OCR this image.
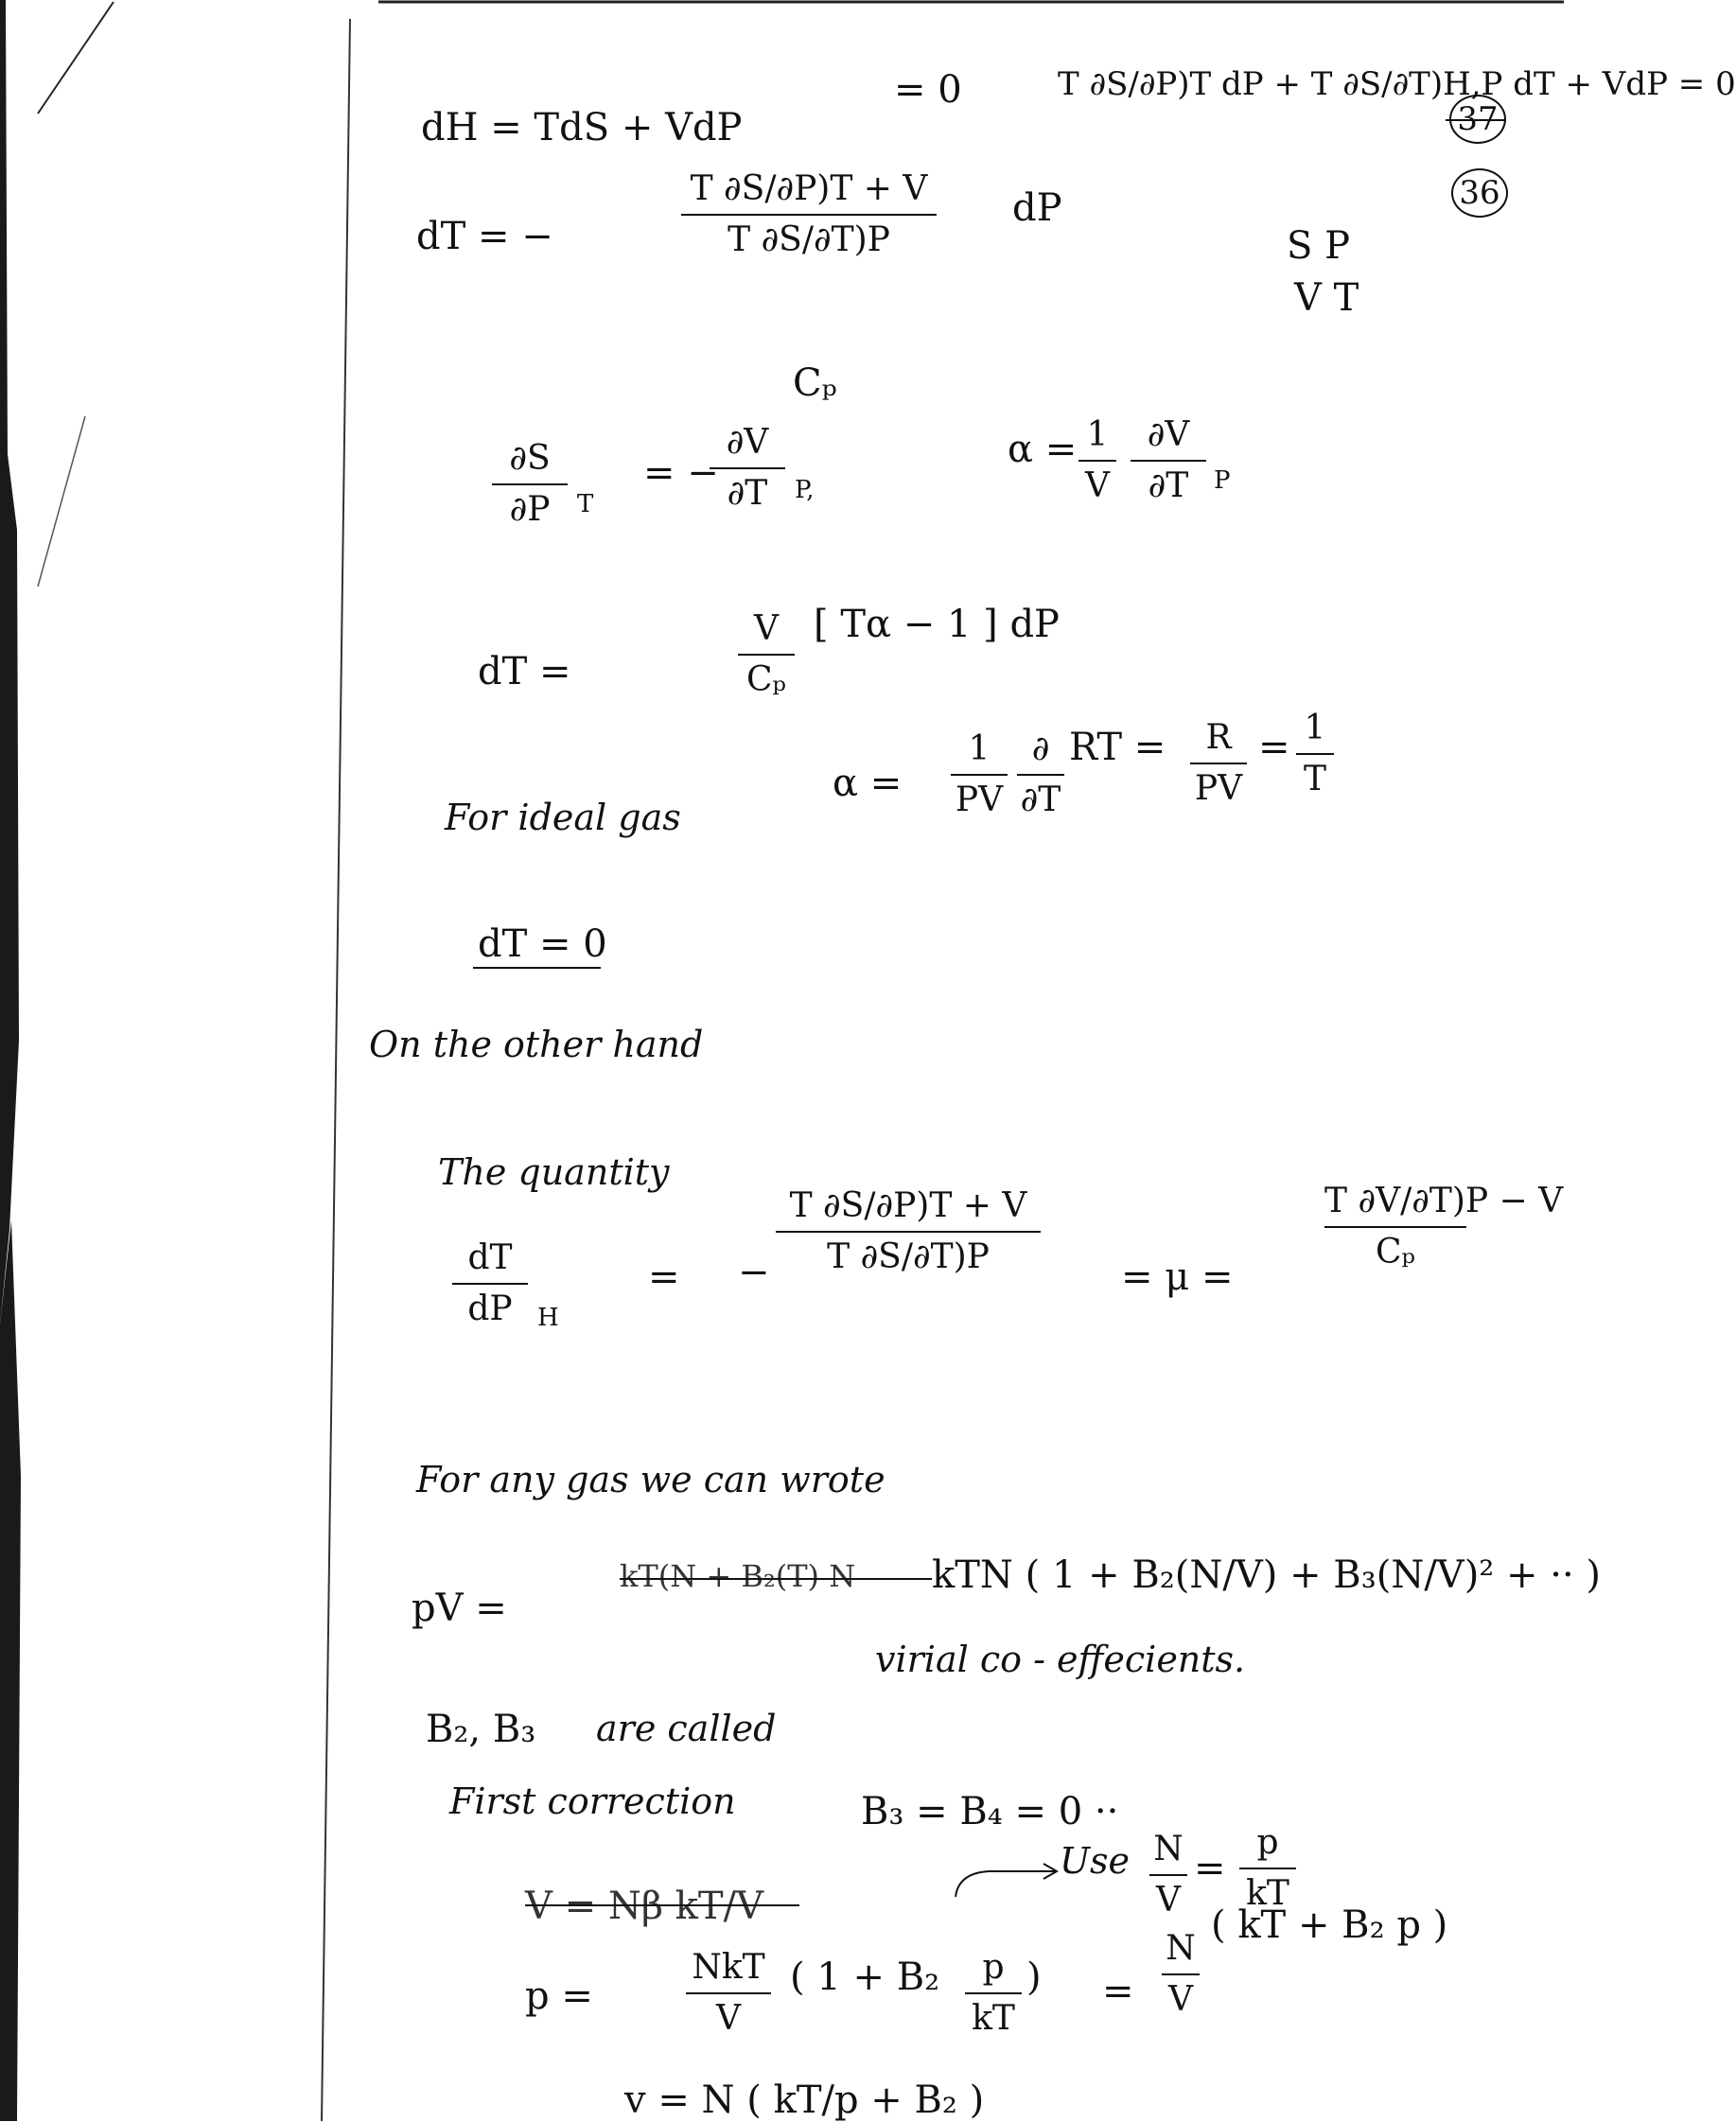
dH = TdS + VdP
= 0	T ∂S/∂P)T dP + T ∂S/∂T)H,P dT + VdP = 0
37
36
dT = −
T ∂S/∂P)T + V
T ∂S/∂T)P
dP
S P
V T
Cₚ
∂S
∂P	T
= −
∂V
∂T	P,
α = 1
V
∂V
∂T	P
dT =
V
Cₚ
[ Tα − 1 ] dP
For ideal gas
α =
1
PV
∂
∂T
RT =	R
PV
= 1
T
dT = 0
On the other hand
The quantity
dT
dP	H
= −
T ∂S/∂P)T + V
T ∂S/∂T)P	= μ =
T ∂V/∂T)P − V
Cₚ
For any gas we can wrote
pV =
kT(N + B₂(T) N kTN ( 1 + B₂(N/V) + B₃(N/V)² + ·· )
virial co - effecients.
B₂, B₃ are called
First correction	B₃ = B₄ = 0 ··
V = Nβ kT/V
Use N
V
=
p
kT
p =
NkT
V
( 1 + B₂	p
kT
) =
N
V
( kT + B₂ p )
v = N ( kT/p + B₂ )
